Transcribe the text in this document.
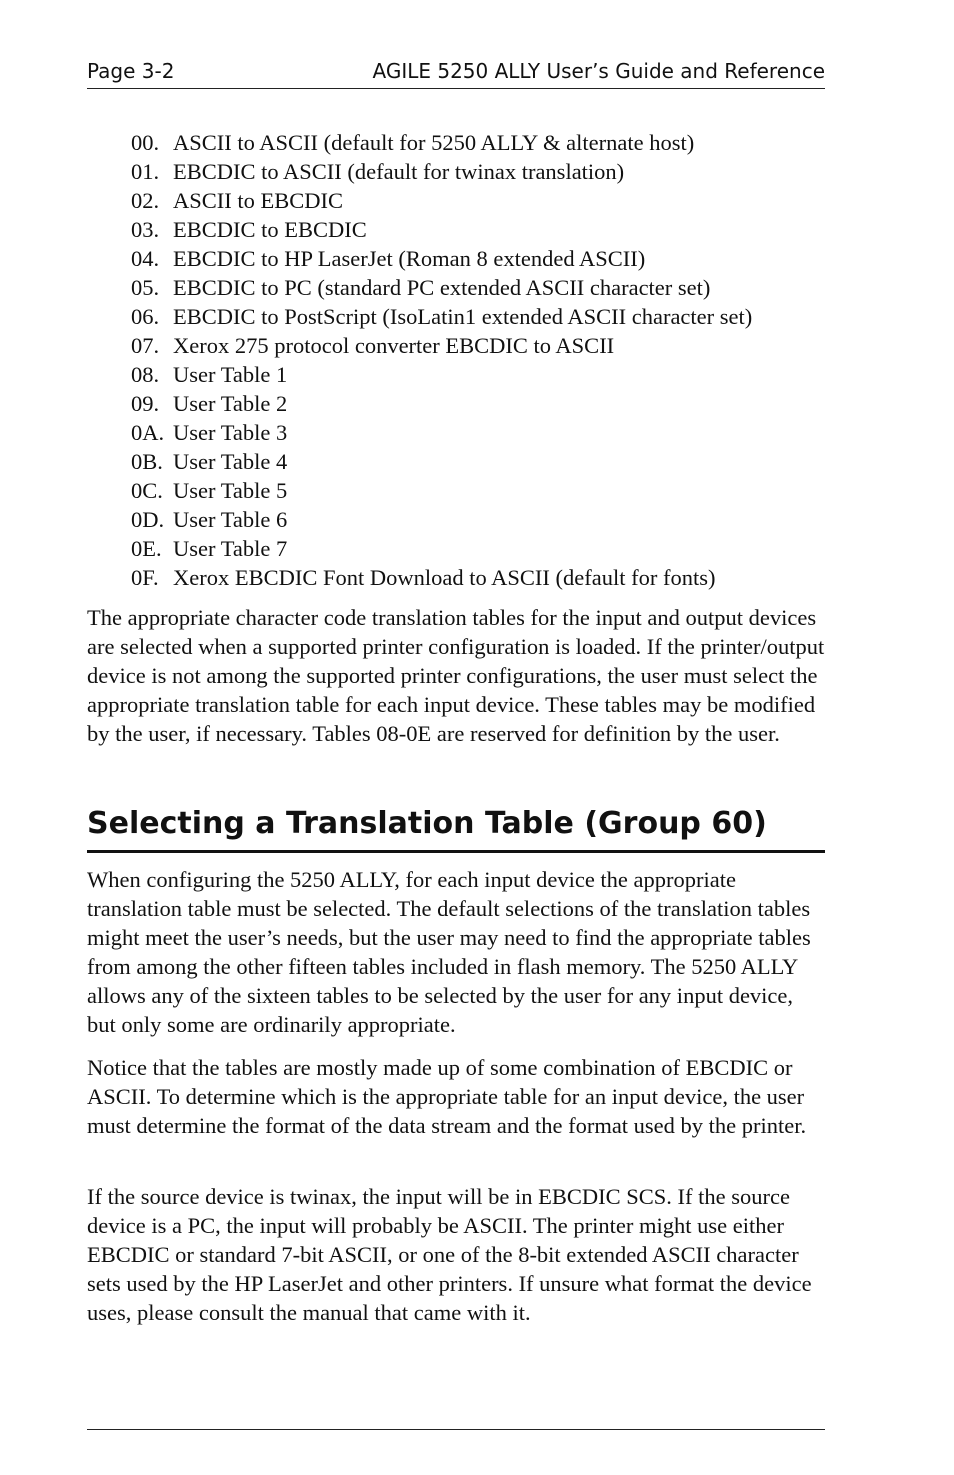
Page 3-2	AGILE 5250 ALLY User’s Guide and Reference
00. ASCII to ASCII (default for 5250 ALLY & alternate host)
01. EBCDIC to ASCII (default for twinax translation)
02. ASCII to EBCDIC
03. EBCDIC to EBCDIC
04. EBCDIC to HP LaserJet (Roman 8 extended ASCII)
05. EBCDIC to PC (standard PC extended ASCII character set)
06. EBCDIC to PostScript (IsoLatin1 extended ASCII character set)
07. Xerox 275 protocol converter EBCDIC to ASCII
08. User Table 1
09. User Table 2
0A. User Table 3
0B. User Table 4
0C. User Table 5
0D. User Table 6
0E. User Table 7
0F. Xerox EBCDIC Font Download to ASCII (default for fonts)

The appropriate character code translation tables for the input and output devices are selected when a supported printer configuration is loaded. If the printer/output device is not among the supported printer configurations, the user must select the appropriate translation table for each input device. These tables may be modified by the user, if necessary. Tables 08-0E are reserved for definition by the user.

Selecting a Translation Table (Group 60)

When configuring the 5250 ALLY, for each input device the appropriate translation table must be selected. The default selections of the translation tables might meet the user’s needs, but the user may need to find the appropriate tables from among the other fifteen tables included in flash memory. The 5250 ALLY allows any of the sixteen tables to be selected by the user for any input device, but only some are ordinarily appropriate.

Notice that the tables are mostly made up of some combination of EBCDIC or ASCII. To determine which is the appropriate table for an input device, the user must determine the format of the data stream and the format used by the printer.

If the source device is twinax, the input will be in EBCDIC SCS. If the source device is a PC, the input will probably be ASCII. The printer might use either EBCDIC or standard 7-bit ASCII, or one of the 8-bit extended ASCII character sets used by the HP LaserJet and other printers. If unsure what format the device uses, please consult the manual that came with it.
